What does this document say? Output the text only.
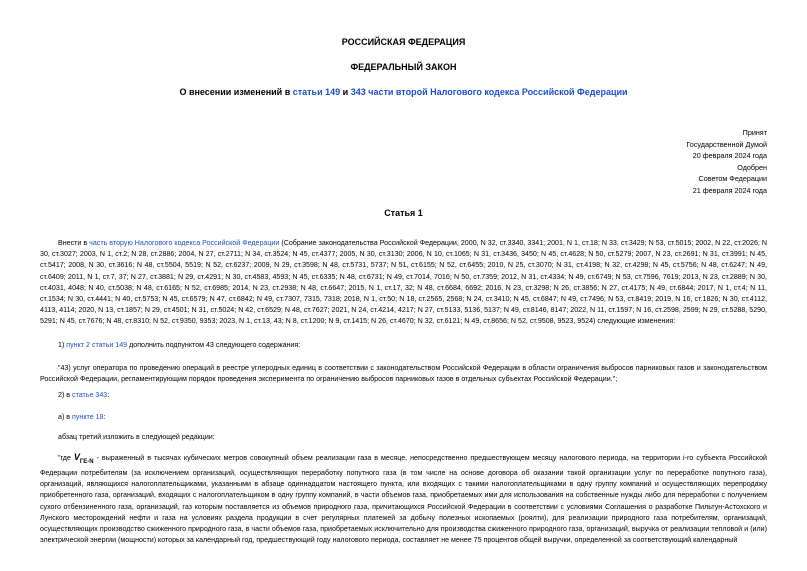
РОССИЙСКАЯ ФЕДЕРАЦИЯ
ФЕДЕРАЛЬНЫЙ ЗАКОН
О внесении изменений в статьи 149 и 343 части второй Налогового кодекса Российской Федерации
Принят
Государственной Думой
20 февраля 2024 года
Одобрен
Советом Федерации
21 февраля 2024 года
Статья 1
Внести в часть вторую Налогового кодекса Российской Федерации (Собрание законодательства Российской Федерации, 2000, N 32, ст.3340, 3341; 2001, N 1, ст.18; N 33, ст.3429; N 53, ст.5015; 2002, N 22, ст.2026; N 30, ст.3027; 2003, N 1, ст.2; N 28, ст.2886; 2004, N 27, ст.2711; N 34, ст.3524; N 45, ст.4377; 2005, N 30, ст.3130; 2006, N 10, ст.1065; N 31, ст.3436, 3450; N 45, ст.4628; N 50, ст.5279; 2007, N 23, ст.2691; N 31, ст.3991; N 45, ст.5417; 2008, N 30, ст.3616; N 48, ст.5504, 5519; N 52, ст.6237; 2009, N 29, ст.3598; N 48, ст.5731, 5737; N 51, ст.6155; N 52, ст.6455; 2010, N 25, ст.3070; N 31, ст.4198; N 32, ст.4298; N 45, ст.5756; N 48, ст.6247; N 49, ст.6409; 2011, N 1, ст.7, 37; N 27, ст.3881; N 29, ст.4291; N 30, ст.4583, 4593; N 45, ст.6335; N 48, ст.6731; N 49, ст.7014, 7016; N 50, ст.7359; 2012, N 31, ст.4334; N 49, ст.6749; N 53, ст.7596, 7619; 2013, N 23, ст.2889; N 30, ст.4031, 4048; N 40, ст.5038; N 48, ст.6165; N 52, ст.6985; 2014, N 23, ст.2938; N 48, ст.6647; 2015, N 1, ст.17, 32; N 48, ст.6684, 6692; 2016, N 23, ст.3298; N 26, ст.3856; N 27, ст.4175; N 49, ст.6844; 2017, N 1, ст.4; N 11, ст.1534; N 30, ст.4441; N 40, ст.5753; N 45, ст.6579; N 47, ст.6842; N 49, ст.7307, 7315, 7318; 2018, N 1, ст.50; N 18, ст.2565, 2568; N 24, ст.3410; N 45, ст.6847; N 49, ст.7496; N 53, ст.8419; 2019, N 16, ст.1826; N 30, ст.4112, 4113, 4114; 2020, N 13, ст.1857; N 29, ст.4501; N 31, ст.5024; N 42, ст.6529; N 48, ст.7627; 2021, N 24, ст.4214, 4217; N 27, ст.5133, 5136, 5137; N 49, ст.8146, 8147; 2022, N 11, ст.1597; N 16, ст.2598, 2599; N 29, ст.5288, 5290, 5291; N 45, ст.7676; N 48, ст.8310; N 52, ст.9350, 9353; 2023, N 1, ст.13, 43; N 8, ст.1200; N 9, ст.1415; N 26, ст.4670; N 32, ст.6121; N 49, ст.8656; N 52, ст.9508, 9523, 9524) следующие изменения:
1) пункт 2 статьи 149 дополнить подпунктом 43 следующего содержания:
"43) услуг оператора по проведению операций в реестре углеродных единиц в соответствии с законодательством Российской Федерации в области ограничения выбросов парниковых газов и законодательством Российской Федерации, регламентирующим порядок проведения эксперимента по ограничению выбросов парниковых газов в отдельных субъектах Российской Федерации.";
2) в статье 343:
а) в пункте 18:
абзац третий изложить в следующей редакции:
"где $V_{ГЕ-N}$ - выраженный в тысячах кубических метров совокупный объем реализации газа в месяце, непосредственно предшествующем месяцу налогового периода, на территории i-го субъекта Российской Федерации потребителям (за исключением организаций, осуществляющих переработку попутного газа (в том числе на основе договора об оказании такой организации услуг по переработке попутного газа), организаций, являющихся налогоплательщиками, указанными в абзаце одиннадцатом настоящего пункта, или входящих с такими налогоплательщиками в одну группу компаний и осуществляющих перепродажу приобретенного газа, организаций, входящих с налогоплательщиком в одну группу компаний, в части объемов газа, приобретаемых ими для использования на собственные нужды либо для переработки с получением сухого отбензиненного газа, организаций, газ которым поставляется из объемов природного газа, причитающихся Российской Федерации в соответствии с условиями Соглашения о разработке Пильтун-Астохского и Лунского месторождений нефти и газа на условиях раздела продукции в счет регулярных платежей за добычу полезных ископаемых (роялти), для реализации природного газа потребителям, организаций, осуществляющих производство сжиженного природного газа, в части объемов газа, приобретаемых исключительно для производства сжиженного природного газа, организаций, выручка от реализации тепловой и (или) электрической энергии (мощности) которых за календарный год, предшествующий году налогового периода, составляет не менее 75 процентов общей выручки, определенной за соответствующий календарный
